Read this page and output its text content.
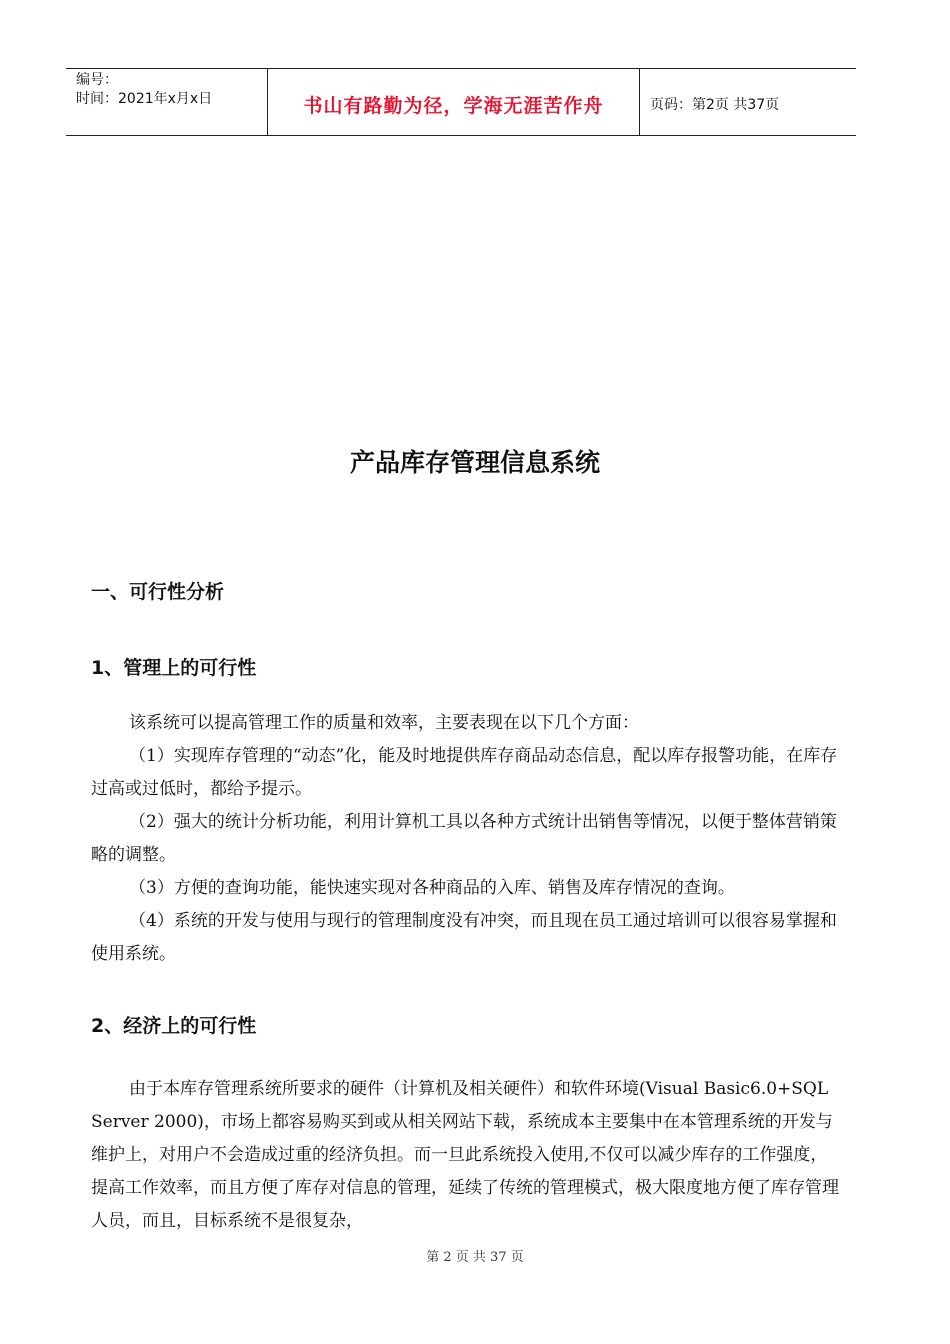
编号：
时间：2021年x月x日	书山有路勤为径，学海无涯苦作舟	页码：第2页 共37页
产品库存管理信息系统
一、可行性分析
1、管理上的可行性

该系统可以提高管理工作的质量和效率，主要表现在以下几个方面：

（1）实现库存管理的“动态”化，能及时地提供库存商品动态信息，配以库存报警功能，在库存过高或过低时，都给予提示。

（2）强大的统计分析功能，利用计算机工具以各种方式统计出销售等情况，以便于整体营销策略的调整。

（3）方便的查询功能，能快速实现对各种商品的入库、销售及库存情况的查询。

（4）系统的开发与使用与现行的管理制度没有冲突，而且现在员工通过培训可以很容易掌握和使用系统。

2、经济上的可行性

由于本库存管理系统所要求的硬件（计算机及相关硬件）和软件环境(Visual Basic6.0+SQL Server 2000)，市场上都容易购买到或从相关网站下载，系统成本主要集中在本管理系统的开发与维护上，对用户不会造成过重的经济负担。而一旦此系统投入使用,不仅可以减少库存的工作强度，提高工作效率，而且方便了库存对信息的管理，延续了传统的管理模式，极大限度地方便了库存管理人员，而且，目标系统不是很复杂，

第 2 页 共 37 页
